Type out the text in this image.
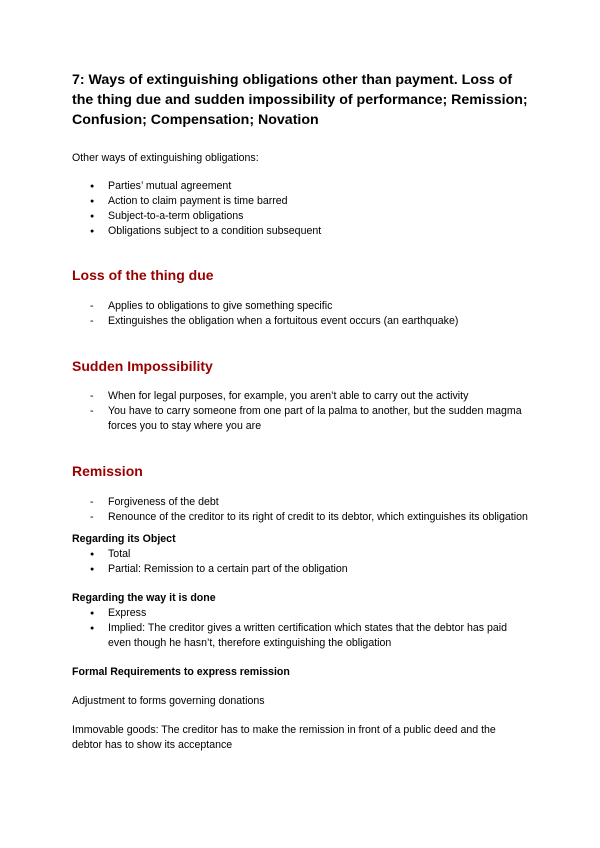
7: Ways of extinguishing obligations other than payment. Loss of the thing due and sudden impossibility of performance; Remission; Confusion; Compensation; Novation

Other ways of extinguishing obligations:

● Parties’ mutual agreement
● Action to claim payment is time barred
● Subject-to-a-term obligations
● Obligations subject to a condition subsequent
Loss of the thing due
- Applies to obligations to give something specific
- Extinguishes the obligation when a fortuitous event occurs (an earthquake)
Sudden Impossibility
- When for legal purposes, for example, you aren’t able to carry out the activity
- You have to carry someone from one part of la palma to another, but the sudden magma forces you to stay where you are
Remission
- Forgiveness of the debt
- Renounce of the creditor to its right of credit to its debtor, which extinguishes its obligation

Regarding its Object

● Total
● Partial: Remission to a certain part of the obligation

Regarding the way it is done

● Express
● Implied: The creditor gives a written certification which states that the debtor has paid even though he hasn’t, therefore extinguishing the obligation

Formal Requirements to express remission

Adjustment to forms governing donations

Immovable goods: The creditor has to make the remission in front of a public deed and the debtor has to show its acceptance
